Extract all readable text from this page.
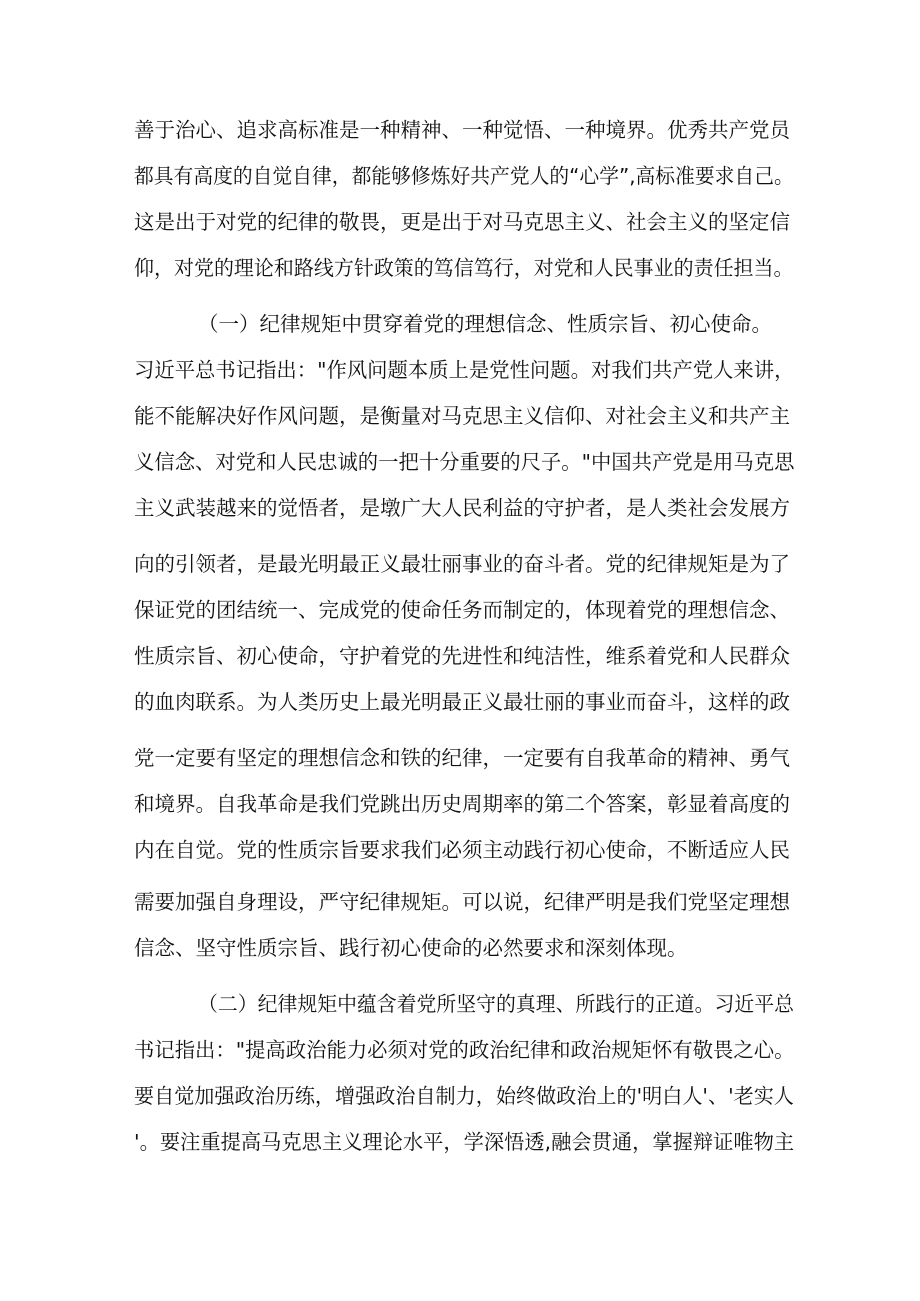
善于治心、追求高标准是一种精神、一种觉悟、一种境界。优秀共产党员
都具有高度的自觉自律，都能够修炼好共产党人的“心学”,高标准要求自己。
这是出于对党的纪律的敬畏，更是出于对马克思主义、社会主义的坚定信
仰，对党的理论和路线方针政策的笃信笃行，对党和人民事业的责任担当。
（一）纪律规矩中贯穿着党的理想信念、性质宗旨、初心使命。
习近平总书记指出："作风问题本质上是党性问题。对我们共产党人来讲，
能不能解决好作风问题，是衡量对马克思主义信仰、对社会主义和共产主
义信念、对党和人民忠诚的一把十分重要的尺子。"中国共产党是用马克思
主义武装越来的觉悟者，是墩广大人民利益的守护者，是人类社会发展方
向的引领者，是最光明最正义最壮丽事业的奋斗者。党的纪律规矩是为了
保证党的团结统一、完成党的使命任务而制定的，体现着党的理想信念、
性质宗旨、初心使命，守护着党的先进性和纯洁性，维系着党和人民群众
的血肉联系。为人类历史上最光明最正义最壮丽的事业而奋斗，这样的政
党一定要有坚定的理想信念和铁的纪律，一定要有自我革命的精神、勇气
和境界。自我革命是我们党跳出历史周期率的第二个答案，彰显着高度的
内在自觉。党的性质宗旨要求我们必须主动践行初心使命，不断适应人民
需要加强自身理设，严守纪律规矩。可以说，纪律严明是我们党坚定理想
信念、坚守性质宗旨、践行初心使命的必然要求和深刻体现。
（二）纪律规矩中蕴含着党所坚守的真理、所践行的正道。习近平总
书记指出："提高政治能力必须对党的政治纪律和政治规矩怀有敬畏之心。
要自觉加强政治历练，增强政治自制力，始终做政治上的'明白人'、'老实人
'。要注重提高马克思主义理论水平，学深悟透,融会贯通，掌握辩证唯物主
